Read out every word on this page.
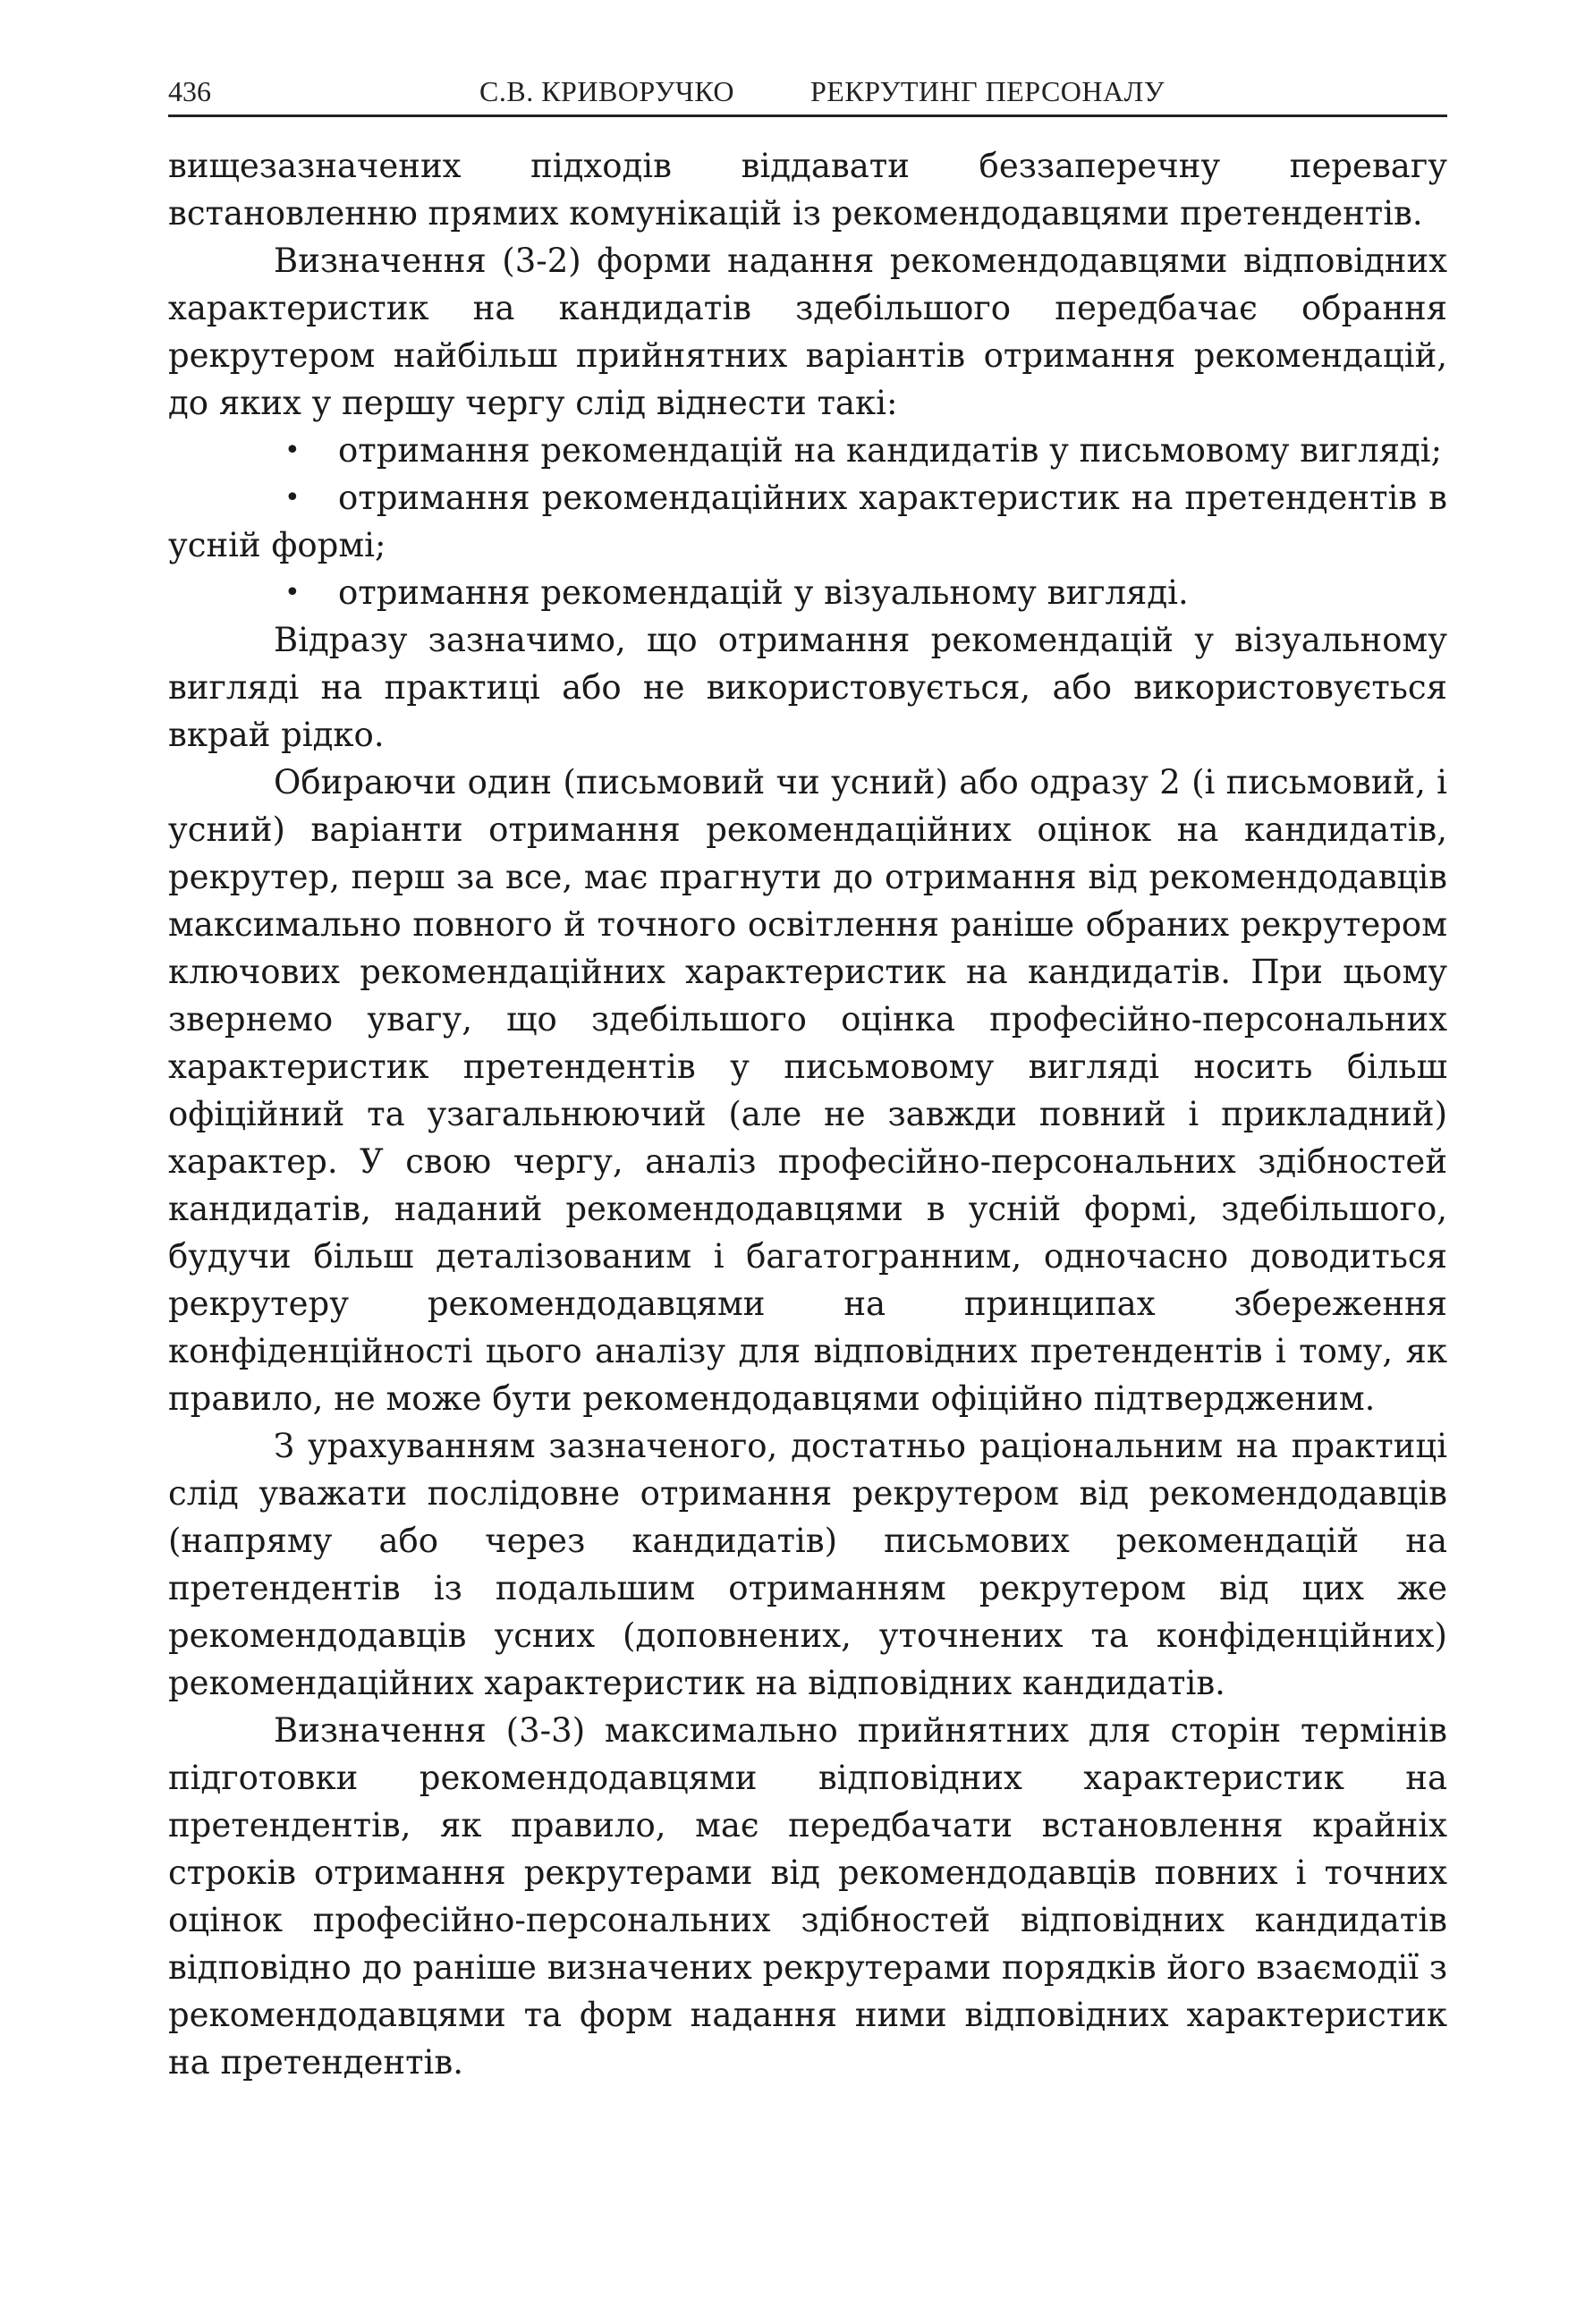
436	С.В. КРИВОРУЧКО	РЕКРУТИНГ ПЕРСОНАЛУ

вищезазначених підходів віддавати беззаперечну перевагу встановленню прямих комунікацій із рекомендодавцями претендентів.

Визначення (3-2) форми надання рекомендодавцями відповідних характеристик на кандидатів здебільшого передбачає обрання рекрутером найбільш прийнятних варіантів отримання рекомендацій, до яких у першу чергу слід віднести такі:

• отримання рекомендацій на кандидатів у письмовому вигляді;
• отримання рекомендаційних характеристик на претендентів в усній формі;
• отримання рекомендацій у візуальному вигляді.

Відразу зазначимо, що отримання рекомендацій у візуальному вигляді на практиці або не використовується, або використовується вкрай рідко.

Обираючи один (письмовий чи усний) або одразу 2 (і письмовий, і усний) варіанти отримання рекомендаційних оцінок на кандидатів, рекрутер, перш за все, має прагнути до отримання від рекомендодавців максимально повного й точного освітлення раніше обраних рекрутером ключових рекомендаційних характеристик на кандидатів. При цьому звернемо увагу, що здебільшого оцінка професійно-персональних характеристик претендентів у письмовому вигляді носить більш офіційний та узагальнюючий (але не завжди повний і прикладний) характер. У свою чергу, аналіз професійно-персональних здібностей кандидатів, наданий рекомендодавцями в усній формі, здебільшого, будучи більш деталізованим і багатогранним, одночасно доводиться рекрутеру рекомендодавцями на принципах збереження конфіденційності цього аналізу для відповідних претендентів і тому, як правило, не може бути рекомендодавцями офіційно підтвердженим.

З урахуванням зазначеного, достатньо раціональним на практиці слід уважати послідовне отримання рекрутером від рекомендодавців (напряму або через кандидатів) письмових рекомендацій на претендентів із подальшим отриманням рекрутером від цих же рекомендодавців усних (доповнених, уточнених та конфіденційних) рекомендаційних характеристик на відповідних кандидатів.

Визначення (3-3) максимально прийнятних для сторін термінів підготовки рекомендодавцями відповідних характеристик на претендентів, як правило, має передбачати встановлення крайніх строків отримання рекрутерами від рекомендодавців повних і точних оцінок професійно-персональних здібностей відповідних кандидатів відповідно до раніше визначених рекрутерами порядків його взаємодії з рекомендодавцями та форм надання ними відповідних характеристик на претендентів.
